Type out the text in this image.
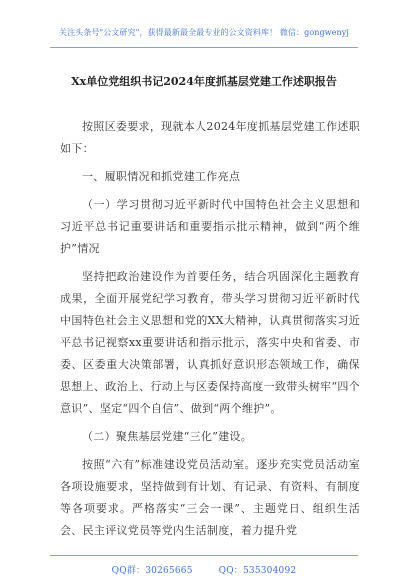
关注头条号"公文研究"，获得最新最全最专业的公文资料库！ 微信：gongwenyj
Xx单位党组织书记2024年度抓基层党建工作述职报告

按照区委要求，现就本人2024年度抓基层党建工作述职如下：

一、履职情况和抓党建工作亮点

（一）学习贯彻习近平新时代中国特色社会主义思想和习近平总书记重要讲话和重要指示批示精神，做到“两个维护”情况

坚持把政治建设作为首要任务，结合巩固深化主题教育成果，全面开展党纪学习教育，带头学习贯彻习近平新时代中国特色社会主义思想和党的XX大精神，认真贯彻落实习近平总书记视察xx重要讲话和指示批示，落实中央和省委、市委、区委重大决策部署，认真抓好意识形态领域工作，确保思想上、政治上、行动上与区委保持高度一致带头树牢“四个意识”、坚定“四个自信”、做到“两个维护”。

（二）聚焦基层党建“三化”建设。

按照“六有”标准建设党员活动室。逐步充实党员活动室各项设施要求，坚持做到有计划、有记录、有资料、有制度等各项要求。严格落实“三会一课”、主题党日、组织生活会、民主评议党员等党内生活制度，着力提升党

QQ群：30265665	QQ：535304092
